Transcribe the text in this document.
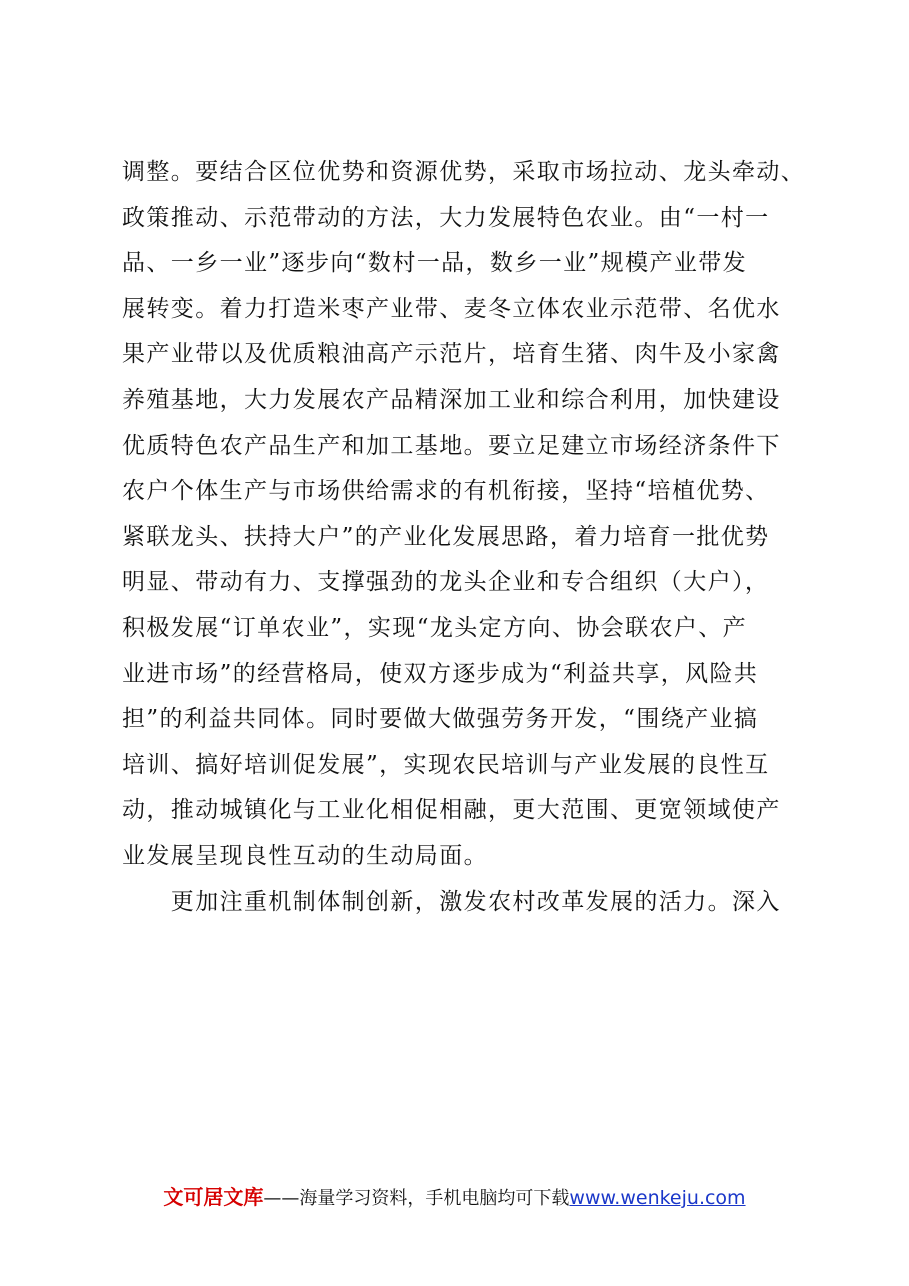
调整。要结合区位优势和资源优势，采取市场拉动、龙头牵动、
政策推动、示范带动的方法，大力发展特色农业。由“一村一
品、一乡一业”逐步向“数村一品，数乡一业”规模产业带发
展转变。着力打造米枣产业带、麦冬立体农业示范带、名优水
果产业带以及优质粮油高产示范片，培育生猪、肉牛及小家禽
养殖基地，大力发展农产品精深加工业和综合利用，加快建设
优质特色农产品生产和加工基地。要立足建立市场经济条件下
农户个体生产与市场供给需求的有机衔接，坚持“培植优势、
紧联龙头、扶持大户”的产业化发展思路，着力培育一批优势
明显、带动有力、支撑强劲的龙头企业和专合组织（大户），
积极发展“订单农业”，实现“龙头定方向、协会联农户、产
业进市场”的经营格局，使双方逐步成为“利益共享，风险共
担”的利益共同体。同时要做大做强劳务开发，“围绕产业搞
培训、搞好培训促发展”，实现农民培训与产业发展的良性互
动，推动城镇化与工业化相促相融，更大范围、更宽领域使产
业发展呈现良性互动的生动局面。
　　更加注重机制体制创新，激发农村改革发展的活力。深入
文可居文库——海量学习资料，手机电脑均可下载www.wenkeju.com
